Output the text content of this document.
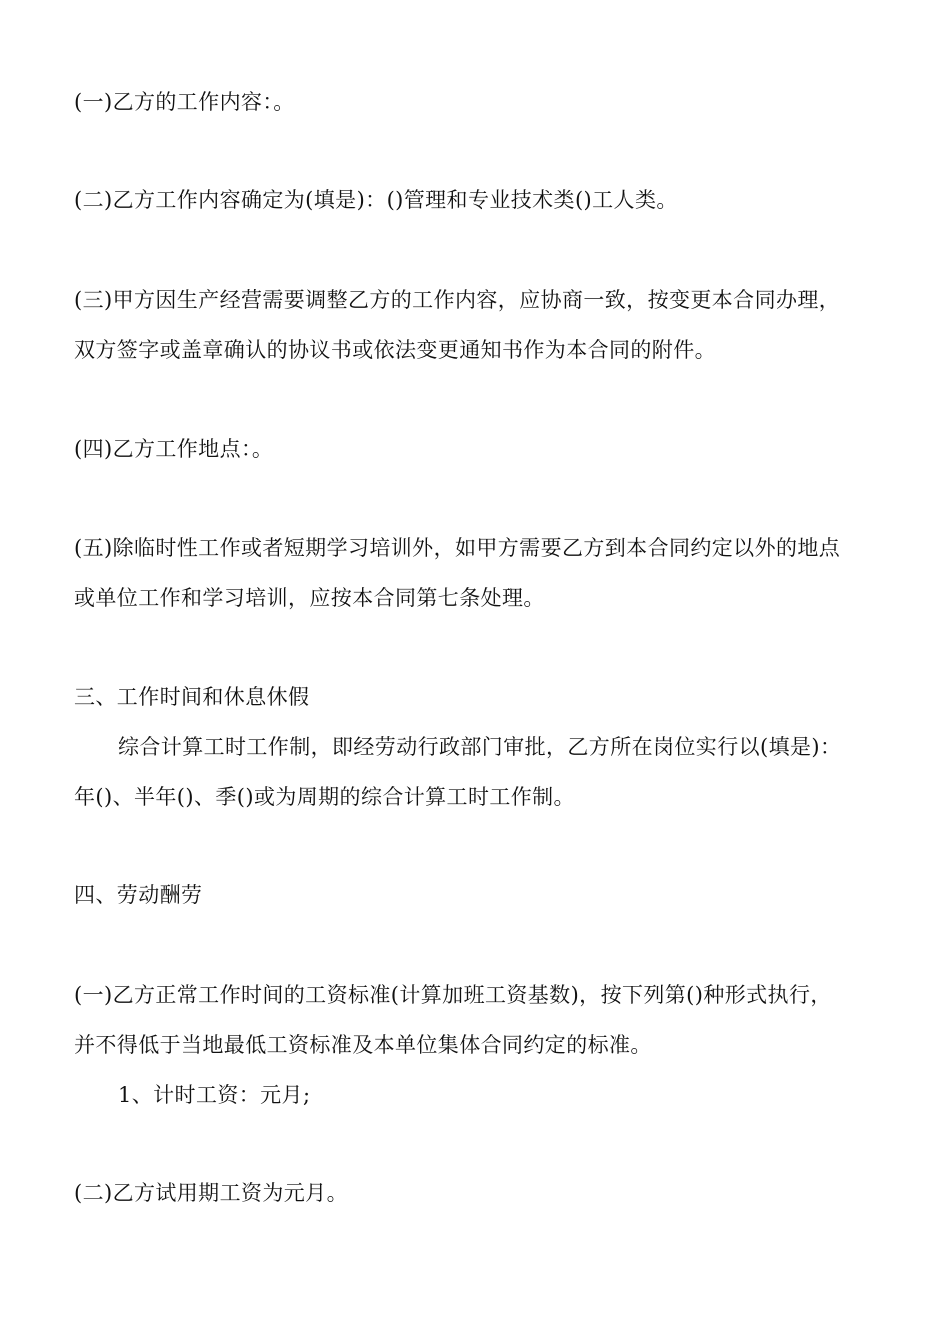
(一)乙方的工作内容：。
(二)乙方工作内容确定为(填是)：()管理和专业技术类()工人类。
(三)甲方因生产经营需要调整乙方的工作内容，应协商一致，按变更本合同办理，
双方签字或盖章确认的协议书或依法变更通知书作为本合同的附件。
(四)乙方工作地点：。
(五)除临时性工作或者短期学习培训外，如甲方需要乙方到本合同约定以外的地点
或单位工作和学习培训，应按本合同第七条处理。
三、工作时间和休息休假
综合计算工时工作制，即经劳动行政部门审批，乙方所在岗位实行以(填是)：
年()、半年()、季()或为周期的综合计算工时工作制。
四、劳动酬劳
(一)乙方正常工作时间的工资标准(计算加班工资基数)，按下列第()种形式执行，
并不得低于当地最低工资标准及本单位集体合同约定的标准。
1、计时工资：元月;
(二)乙方试用期工资为元月。
